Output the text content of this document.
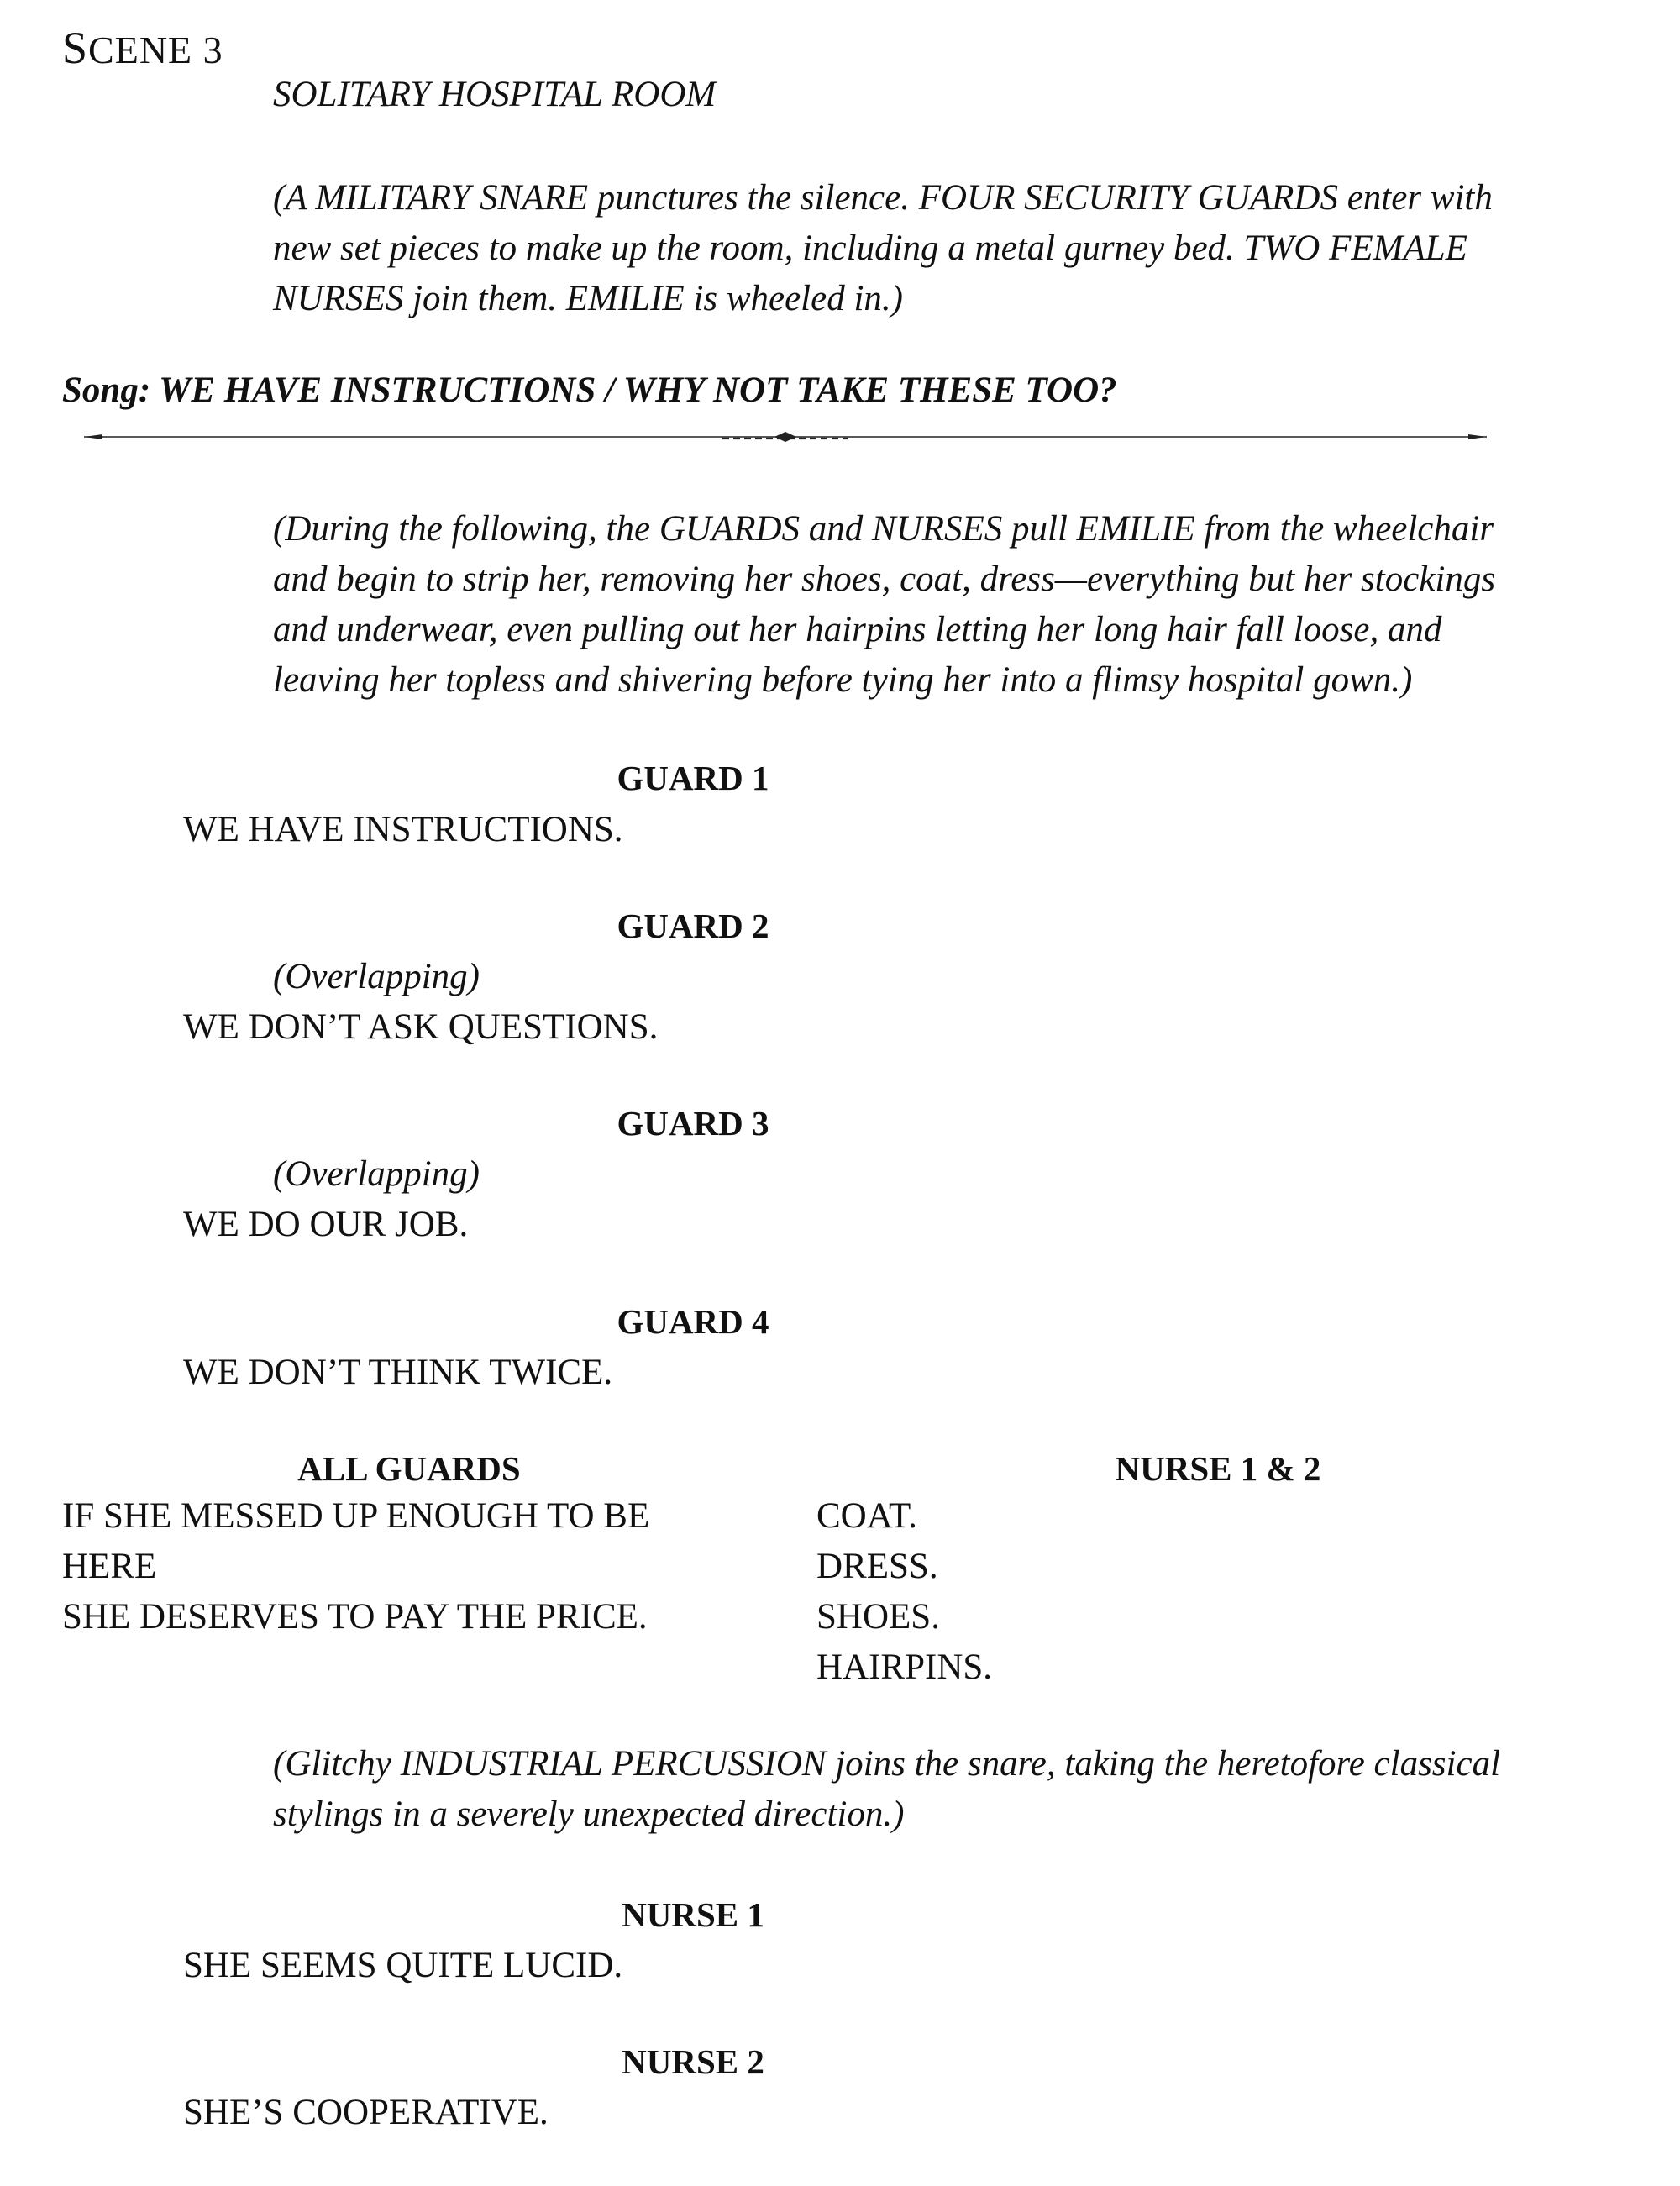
SCENE 3
SOLITARY HOSPITAL ROOM
(A MILITARY SNARE punctures the silence. FOUR SECURITY GUARDS enter with
new set pieces to make up the room, including a metal gurney bed. TWO FEMALE
NURSES join them. EMILIE is wheeled in.)
Song: WE HAVE INSTRUCTIONS / WHY NOT TAKE THESE TOO?
(During the following, the GUARDS and NURSES pull EMILIE from the wheelchair
and begin to strip her, removing her shoes, coat, dress—everything but her stockings
and underwear, even pulling out her hairpins letting her long hair fall loose, and
leaving her topless and shivering before tying her into a flimsy hospital gown.)
GUARD 1
WE HAVE INSTRUCTIONS.
GUARD 2
(Overlapping)
WE DON’T ASK QUESTIONS.
GUARD 3
(Overlapping)
WE DO OUR JOB.
GUARD 4
WE DON’T THINK TWICE.
ALL GUARDS
IF SHE MESSED UP ENOUGH TO BE
HERE
SHE DESERVES TO PAY THE PRICE.
NURSE 1 & 2
COAT.
DRESS.
SHOES.
HAIRPINS.
(Glitchy INDUSTRIAL PERCUSSION joins the snare, taking the heretofore classical
stylings in a severely unexpected direction.)
NURSE 1
SHE SEEMS QUITE LUCID.
NURSE 2
SHE’S COOPERATIVE.
